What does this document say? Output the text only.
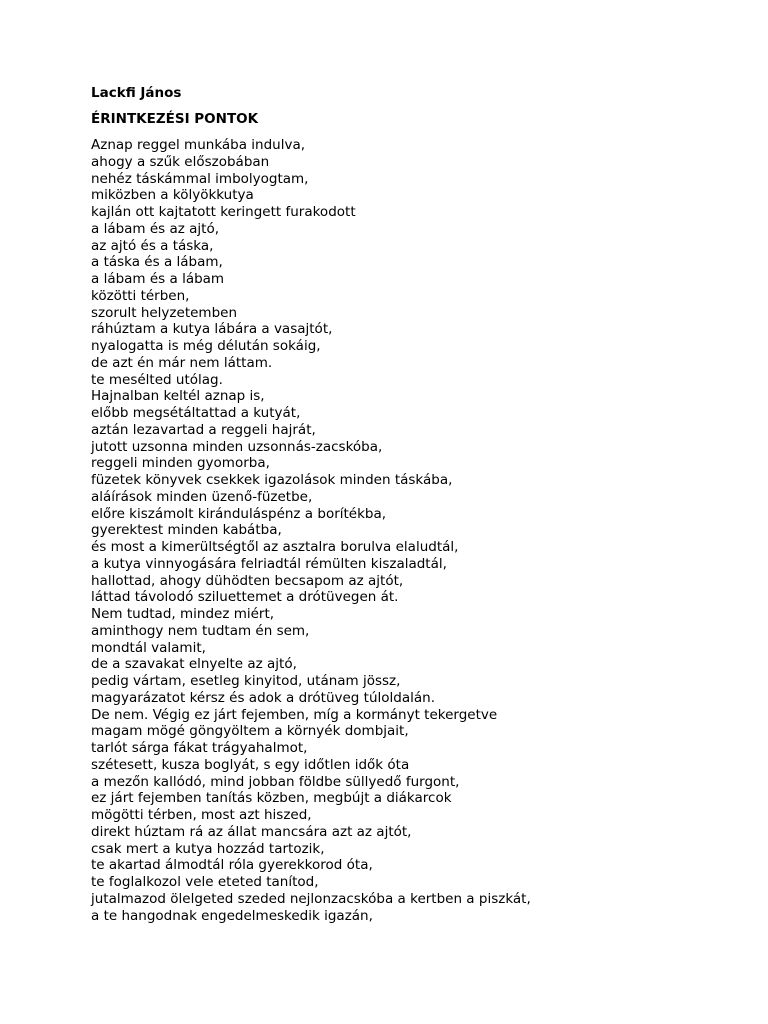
Lackfi János
ÉRINTKEZÉSI PONTOK
Aznap reggel munkába indulva,
ahogy a szűk előszobában
nehéz táskámmal imbolyogtam,
miközben a kölyökkutya
kajlán ott kajtatott keringett furakodott
a lábam és az ajtó,
az ajtó és a táska,
a táska és a lábam,
a lábam és a lábam
közötti térben,
szorult helyzetemben
ráhúztam a kutya lábára a vasajtót,
nyalogatta is még délután sokáig,
de azt én már nem láttam.
te mesélted utólag.
Hajnalban keltél aznap is,
előbb megsétáltattad a kutyát,
aztán lezavartad a reggeli hajrát,
jutott uzsonna minden uzsonnás-zacskóba,
reggeli minden gyomorba,
füzetek könyvek csekkek igazolások minden táskába,
aláírások minden üzenő-füzetbe,
előre kiszámolt kiránduláspénz a borítékba,
gyerektest minden kabátba,
és most a kimerültségtől az asztalra borulva elaludtál,
a kutya vinnyogására felriadtál rémülten kiszaladtál,
hallottad, ahogy dühödten becsapom az ajtót,
láttad távolodó sziluettemet a drótüvegen át.
Nem tudtad, mindez miért,
aminthogy nem tudtam én sem,
mondtál valamit,
de a szavakat elnyelte az ajtó,
pedig vártam, esetleg kinyitod, utánam jössz,
magyarázatot kérsz és adok a drótüveg túloldalán.
De nem. Végig ez járt fejemben, míg a kormányt tekergetve
magam mögé göngyöltem a környék dombjait,
tarlót sárga fákat trágyahalmot,
szétesett, kusza boglyát, s egy időtlen idők óta
a mezőn kallódó, mind jobban földbe süllyedő furgont,
ez járt fejemben tanítás közben, megbújt a diákarcok
mögötti térben, most azt hiszed,
direkt húztam rá az állat mancsára azt az ajtót,
csak mert a kutya hozzád tartozik,
te akartad álmodtál róla gyerekkorod óta,
te foglalkozol vele eteted tanítod,
jutalmazod ölelgeted szeded nejlonzacskóba a kertben a piszkát,
a te hangodnak engedelmeskedik igazán,
